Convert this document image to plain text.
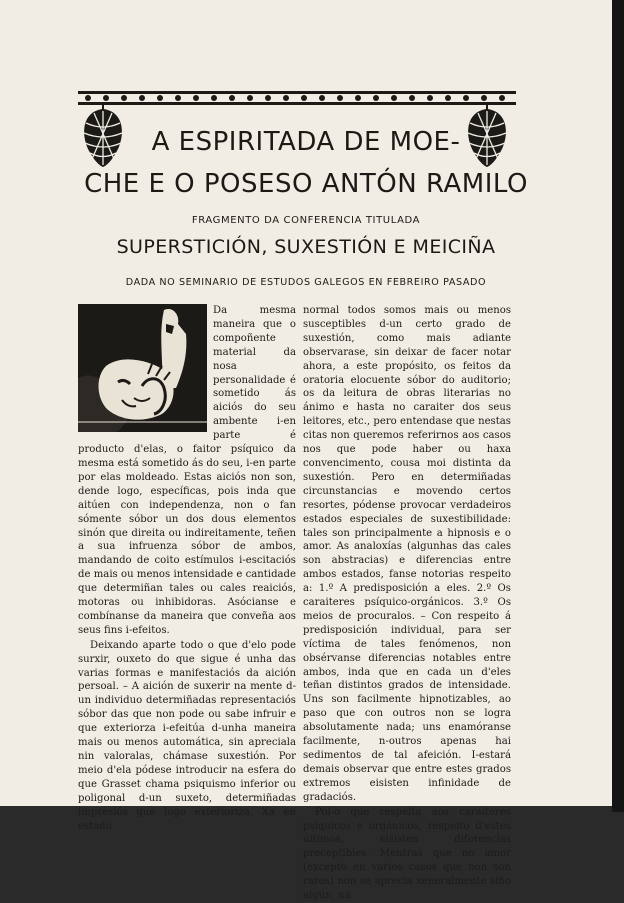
A ESPIRITADA DE MOE-
CHE E O POSESO ANTÓN RAMILO
FRAGMENTO DA CONFERENCIA TITULADA
SUPERSTICIÓN, SUXESTIÓN E MEICIÑA
DADA NO SEMINARIO DE ESTUDOS GALEGOS EN FEBREIRO PASADO

Da mesma maneira que o compoñente material da nosa personalidade é sometido ás aiciós do seu ambente i-en parte é producto d'elas, o faitor psíquico da mesma está sometido ás do seu, i-en parte por elas moldeado. Estas aiciós non son, dende logo, específicas, pois inda que aitúen con independenza, non o fan sómente sóbor un dos dous elementos sinón que direita ou indireitamente, teñen a sua infruenza sóbor de ambos, mandando de coito estímulos i-escitaciós de mais ou menos intensidade e cantidade que determiñan tales ou cales reaiciós, motoras ou inhibidoras. Asócianse e combínanse da maneira que conveña aos seus fins i-efeitos.

Deixando aparte todo o que d'elo pode surxir, ouxeto do que sigue é unha das varias formas e manifestaciós da aición persoal. – A aición de suxerir na mente d-un individuo determiñadas representaciós sóbor das que non pode ou sabe infruir e que exteriorza i-efeitúa d-unha maneira mais ou menos automática, sin apreciala nin valoralas, chámase suxestión. Por meio d'ela pódese introducir na esfera do que Grasset chama psiquismo inferior ou poligonal d-un suxeto, determiñadas impresiós que logo exterioriza. Xa en estado

normal todos somos mais ou menos susceptibles d-un certo grado de suxestión, como mais adiante observarase, sin deixar de facer notar ahora, a este propósito, os feitos da oratoria elocuente sóbor do auditorio; os da leitura de obras literarias no ánimo e hasta no caraiter dos seus leitores, etc., pero entendase que nestas citas non queremos referirnos aos casos nos que pode haber ou haxa convencimento, cousa moi distinta da suxestión. Pero en determiñadas circunstancias e movendo certos resortes, pódense provocar verdadeiros estados especiales de suxestibilidade: tales son principalmente a hipnosis e o amor. As analoxías (algunhas das cales son abstracias) e diferencias entre ambos estados, fanse notorias respeito a: 1.º A predisposición a eles. 2.º Os caraiteres psíquico-orgánicos. 3.º Os meios de procuralos. – Con respeito á predisposición individual, para ser víctima de tales fenómenos, non obsérvanse diferencias notables entre ambos, inda que en cada un d'eles teñan distintos grados de intensidade. Uns son facilmente hipnotizables, ao paso que con outros non se logra absolutamente nada; uns enamóranse facilmente, n-outros apenas hai sedimentos de tal afeición. I-estará demais observar que entre estes grados extremos eisisten infinidade de gradaciós.

Pol-o que respeita aos caraiteres psíquicos e orgánicos, respeito d'estes últimos, eisisten diferencias preceptibles. Mentras que no amor (excepto en varios casos que non son raros) non se aprecia xeneralmente siño algún, na
